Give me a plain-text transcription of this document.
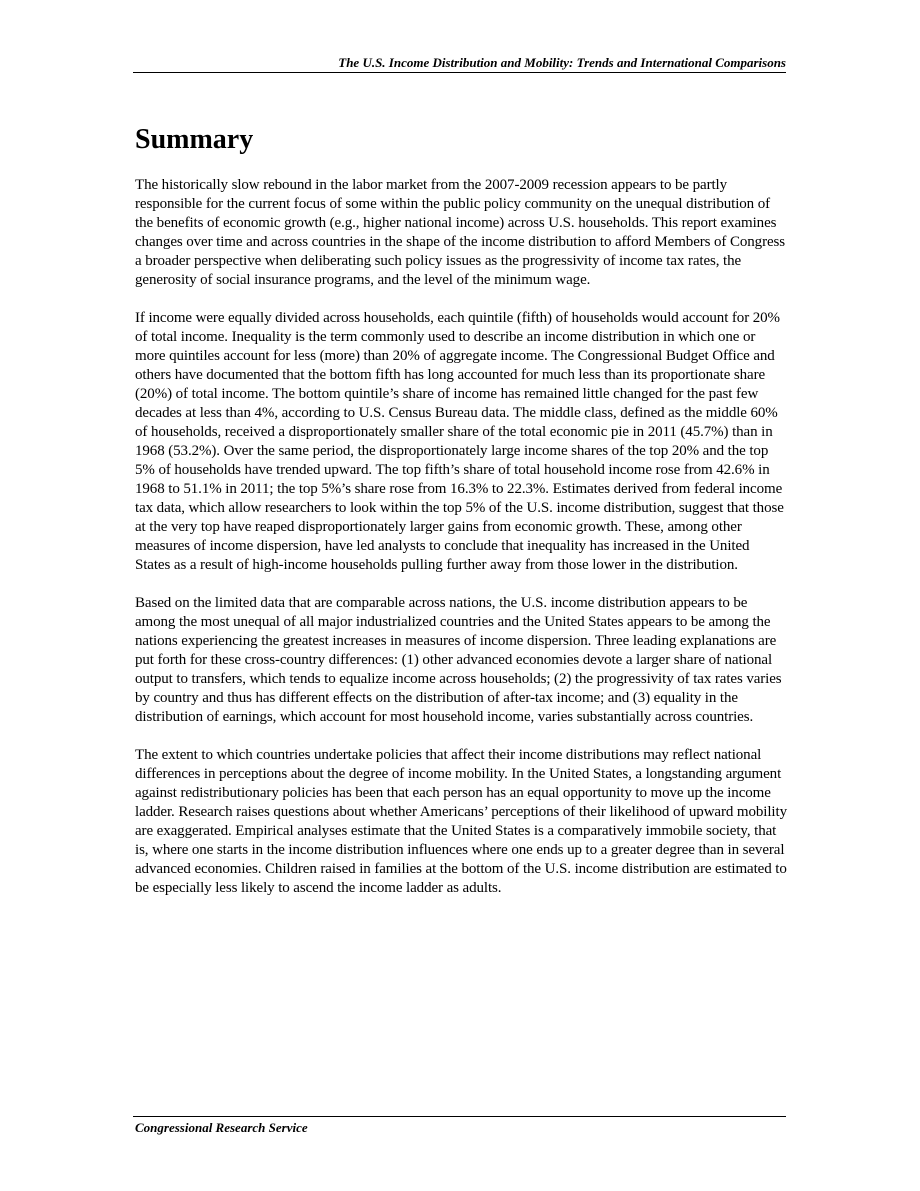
The U.S. Income Distribution and Mobility: Trends and International Comparisons
Summary

The historically slow rebound in the labor market from the 2007-2009 recession appears to be partly responsible for the current focus of some within the public policy community on the unequal distribution of the benefits of economic growth (e.g., higher national income) across U.S. households. This report examines changes over time and across countries in the shape of the income distribution to afford Members of Congress a broader perspective when deliberating such policy issues as the progressivity of income tax rates, the generosity of social insurance programs, and the level of the minimum wage.

If income were equally divided across households, each quintile (fifth) of households would account for 20% of total income. Inequality is the term commonly used to describe an income distribution in which one or more quintiles account for less (more) than 20% of aggregate income. The Congressional Budget Office and others have documented that the bottom fifth has long accounted for much less than its proportionate share (20%) of total income. The bottom quintile’s share of income has remained little changed for the past few decades at less than 4%, according to U.S. Census Bureau data. The middle class, defined as the middle 60% of households, received a disproportionately smaller share of the total economic pie in 2011 (45.7%) than in 1968 (53.2%). Over the same period, the disproportionately large income shares of the top 20% and the top 5% of households have trended upward. The top fifth’s share of total household income rose from 42.6% in 1968 to 51.1% in 2011; the top 5%’s share rose from 16.3% to 22.3%. Estimates derived from federal income tax data, which allow researchers to look within the top 5% of the U.S. income distribution, suggest that those at the very top have reaped disproportionately larger gains from economic growth. These, among other measures of income dispersion, have led analysts to conclude that inequality has increased in the United States as a result of high-income households pulling further away from those lower in the distribution.

Based on the limited data that are comparable across nations, the U.S. income distribution appears to be among the most unequal of all major industrialized countries and the United States appears to be among the nations experiencing the greatest increases in measures of income dispersion. Three leading explanations are put forth for these cross-country differences: (1) other advanced economies devote a larger share of national output to transfers, which tends to equalize income across households; (2) the progressivity of tax rates varies by country and thus has different effects on the distribution of after-tax income; and (3) equality in the distribution of earnings, which account for most household income, varies substantially across countries.

The extent to which countries undertake policies that affect their income distributions may reflect national differences in perceptions about the degree of income mobility. In the United States, a longstanding argument against redistributionary policies has been that each person has an equal opportunity to move up the income ladder. Research raises questions about whether Americans’ perceptions of their likelihood of upward mobility are exaggerated. Empirical analyses estimate that the United States is a comparatively immobile society, that is, where one starts in the income distribution influences where one ends up to a greater degree than in several advanced economies. Children raised in families at the bottom of the U.S. income distribution are estimated to be especially less likely to ascend the income ladder as adults.

Congressional Research Service
